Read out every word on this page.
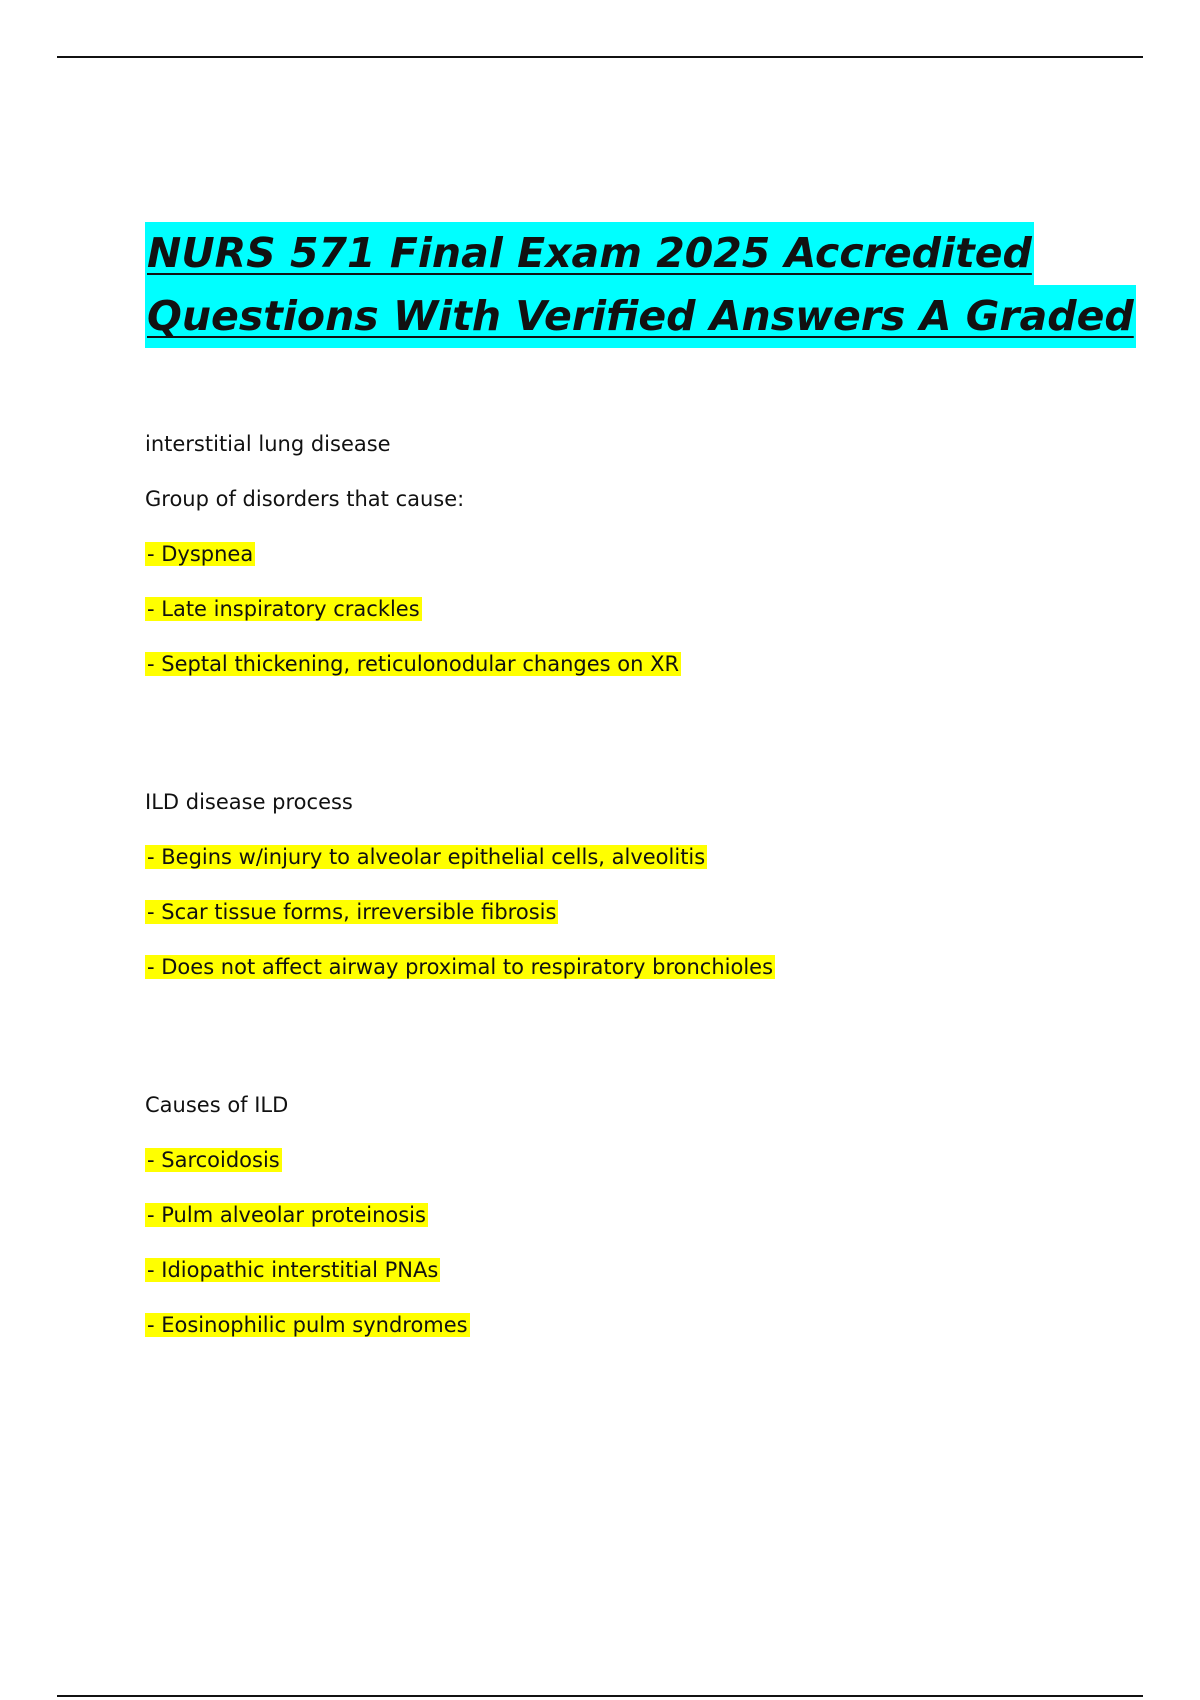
NURS 571 Final Exam 2025 Accredited
Questions With Verified Answers A Graded

interstitial lung disease

Group of disorders that cause:

- Dyspnea

- Late inspiratory crackles

- Septal thickening, reticulonodular changes on XR

ILD disease process

- Begins w/injury to alveolar epithelial cells, alveolitis

- Scar tissue forms, irreversible fibrosis

- Does not affect airway proximal to respiratory bronchioles

Causes of ILD

- Sarcoidosis

- Pulm alveolar proteinosis

- Idiopathic interstitial PNAs

- Eosinophilic pulm syndromes
